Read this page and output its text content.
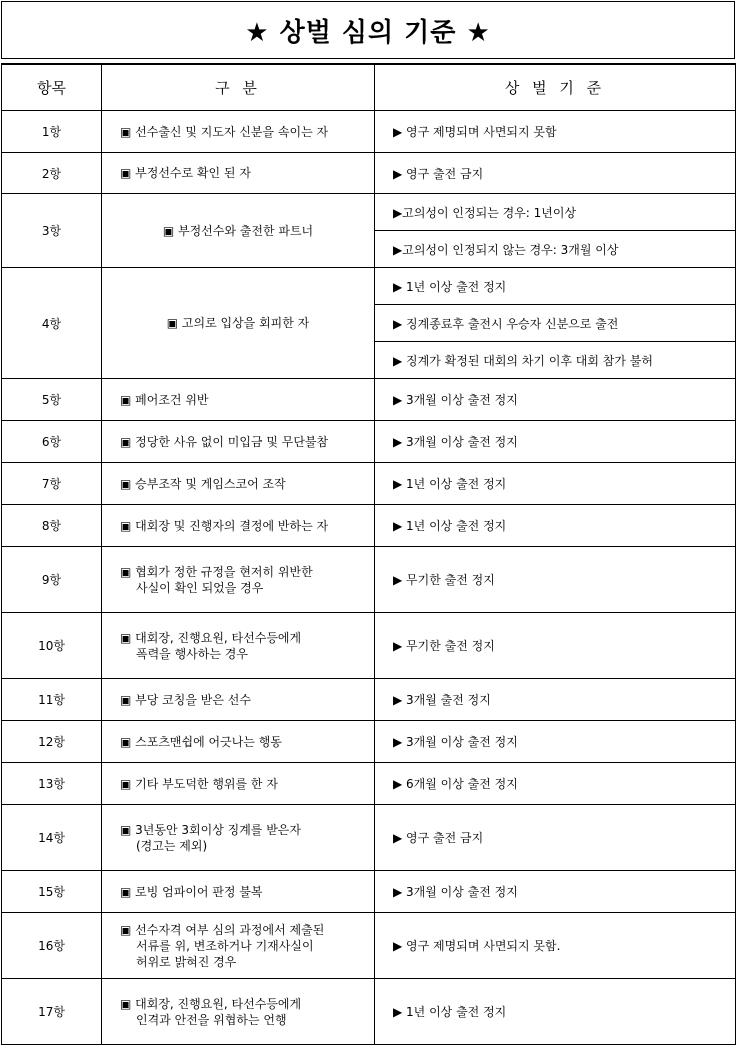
★ 상벌 심의 기준 ★
항목	구 분	상 벌 기 준
1항	▣ 선수출신 및 지도자 신분을 속이는 자	▶ 영구 제명되며 사면되지 못함
2항	▣ 부정선수로 확인 된 자	▶ 영구 출전 금지
3항	▣ 부정선수와 출전한 파트너	▶고의성이 인정되는 경우: 1년이상
		▶고의성이 인정되지 않는 경우: 3개월 이상
4항	▣ 고의로 입상을 회피한 자	▶ 1년 이상 출전 정지
		▶ 징계종료후 출전시 우승자 신분으로 출전
		▶ 징계가 확정된 대회의 차기 이후 대회 참가 불허
5항	▣ 페어조건 위반	▶ 3개월 이상 출전 정지
6항	▣ 정당한 사유 없이 미입금 및 무단불참	▶ 3개월 이상 출전 정지
7항	▣ 승부조작 및 게임스코어 조작	▶ 1년 이상 출전 정지
8항	▣ 대회장 및 진행자의 결정에 반하는 자	▶ 1년 이상 출전 정지
9항	▣ 협회가 정한 규정을 현저히 위반한
사실이 확인 되었을 경우	▶ 무기한 출전 정지
10항	▣ 대회장, 진행요원, 타선수등에게
폭력을 행사하는 경우	▶ 무기한 출전 정지
11항	▣ 부당 코칭을 받은 선수	▶ 3개월 출전 정지
12항	▣ 스포츠맨쉽에 어긋나는 행동	▶ 3개월 이상 출전 정지
13항	▣ 기타 부도덕한 행위를 한 자	▶ 6개월 이상 출전 정지
14항	▣ 3년동안 3회이상 징계를 받은자
(경고는 제외)	▶ 영구 출전 금지
15항	▣ 로빙 엄파이어 판정 불복	▶ 3개월 이상 출전 정지
16항	▣ 선수자격 여부 심의 과정에서 제출된
서류를 위, 변조하거나 기재사실이
허위로 밝혀진 경우	▶ 영구 제명되며 사면되지 못함.
17항	▣ 대회장, 진행요원, 타선수등에게
인격과 안전을 위협하는 언행	▶ 1년 이상 출전 정지
